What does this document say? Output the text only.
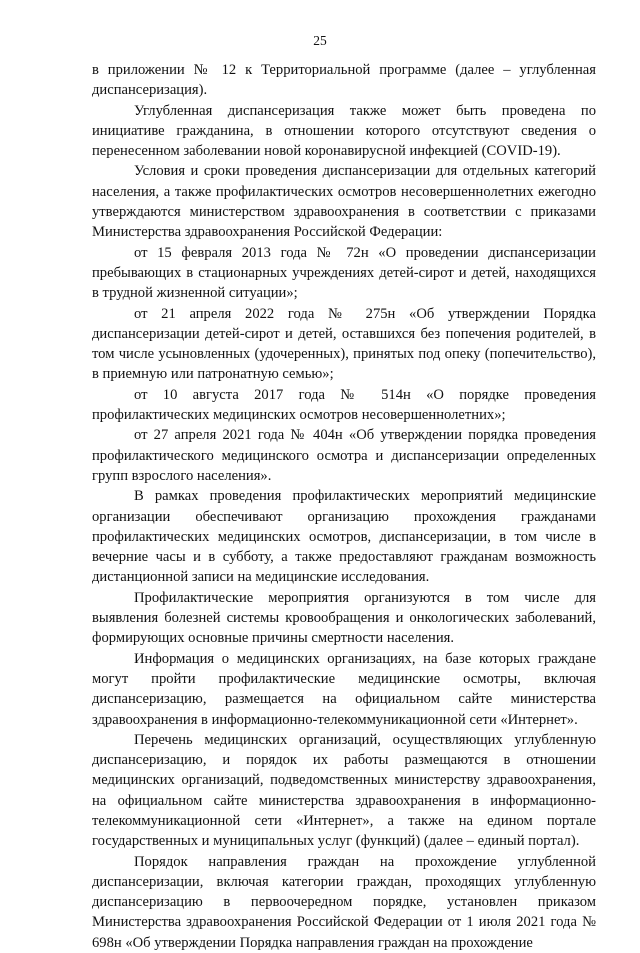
25

в приложении № 12 к Территориальной программе (далее – углубленная диспансеризация).

Углубленная диспансеризация также может быть проведена по инициативе гражданина, в отношении которого отсутствуют сведения о перенесенном заболевании новой коронавирусной инфекцией (COVID-19).

Условия и сроки проведения диспансеризации для отдельных категорий населения, а также профилактических осмотров несовершеннолетних ежегодно утверждаются министерством здравоохранения в соответствии с приказами Министерства здравоохранения Российской Федерации:

от 15 февраля 2013 года № 72н «О проведении диспансеризации пребывающих в стационарных учреждениях детей-сирот и детей, находящихся в трудной жизненной ситуации»;

от 21 апреля 2022 года № 275н «Об утверждении Порядка диспансеризации детей-сирот и детей, оставшихся без попечения родителей, в том числе усыновленных (удочеренных), принятых под опеку (попечительство), в приемную или патронатную семью»;

от 10 августа 2017 года № 514н «О порядке проведения профилактических медицинских осмотров несовершеннолетних»;

от 27 апреля 2021 года № 404н «Об утверждении порядка проведения профилактического медицинского осмотра и диспансеризации определенных групп взрослого населения».

В рамках проведения профилактических мероприятий медицинские организации обеспечивают организацию прохождения гражданами профилактических медицинских осмотров, диспансеризации, в том числе в вечерние часы и в субботу, а также предоставляют гражданам возможность дистанционной записи на медицинские исследования.

Профилактические мероприятия организуются в том числе для выявления болезней системы кровообращения и онкологических заболеваний, формирующих основные причины смертности населения.

Информация о медицинских организациях, на базе которых граждане могут пройти профилактические медицинские осмотры, включая диспансеризацию, размещается на официальном сайте министерства здравоохранения в информационно-телекоммуникационной сети «Интернет».

Перечень медицинских организаций, осуществляющих углубленную диспансеризацию, и порядок их работы размещаются в отношении медицинских организаций, подведомственных министерству здравоохранения, на официальном сайте министерства здравоохранения в информационно-телекоммуникационной сети «Интернет», а также на едином портале государственных и муниципальных услуг (функций) (далее – единый портал).

Порядок направления граждан на прохождение углубленной диспансеризации, включая категории граждан, проходящих углубленную диспансеризацию в первоочередном порядке, установлен приказом Министерства здравоохранения Российской Федерации от 1 июля 2021 года № 698н «Об утверждении Порядка направления граждан на прохождение
